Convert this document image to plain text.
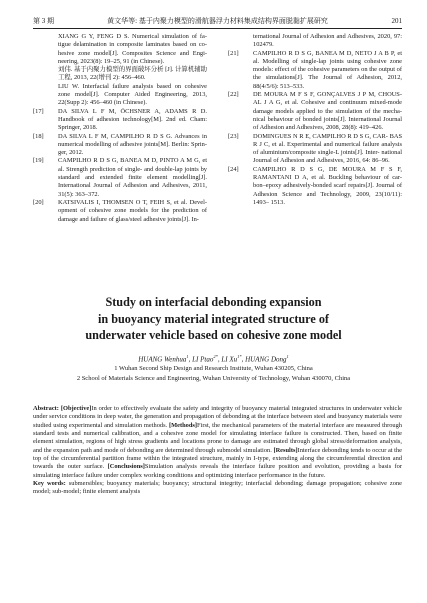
第 3 期	黄文华等: 基于内聚力模型的滑航器浮力材料集成结构界面脱黏扩展研究	201
XIANG G Y, FENG D S. Numerical simulation of fa- tigue delamination in composite laminates based on co- hesive zone model[J]. Composites Science and Engi- neering, 2023(8): 19–25, 91 (in Chinese).
刘伟. 基于内聚力模型的界面破坏分析 [J]. 计算机辅助 工程, 2013, 22(增刊 2): 456–460.
LIU W. Interfacial failure analysis based on cohesive zone model[J]. Computer Aided Engineering, 2013, 22(Supp 2): 456–460 (in Chinese).
[17] DA SILVA L F M, ÖCHSNER A, ADAMS R D. Handbook of adhesion technology[M]. 2nd ed. Cham: Springer, 2018.
[18] DA SILVA L F M, CAMPILHO R D S G. Advances in numerical modelling of adhesive joints[M]. Berlin: Sprin- ger, 2012.
[19] CAMPILHO R D S G, BANEA M D, PINTO A M G, et al. Strength prediction of single- and double-lap joints by standard and extended finite element modelling[J]. International Journal of Adhesion and Adhesives, 2011, 31(5): 363–372.
[20] KATSIVALIS I, THOMSEN O T, FEIH S, et al. Devel- opment of cohesive zone models for the prediction of damage and failure of glass/steel adhesive joints[J]. In-
ternational Journal of Adhesion and Adhesives, 2020, 97: 102479.
[21] CAMPILHO R D S G, BANEA M D, NETO J A B P, et al. Modelling of single-lap joints using cohesive zone models: effect of the cohesive parameters on the output of the simulations[J]. The Journal of Adhesion, 2012, 88(4/5/6): 513–533.
[22] DE MOURA M F S F, GONÇALVES J P M, CHOUS- AL J A G, et al. Cohesive and continuum mixed-mode damage models applied to the simulation of the mecha- nical behaviour of bonded joints[J]. International Journal of Adhesion and Adhesives, 2008, 28(8): 419–426.
[23] DOMINGUES N R E, CAMPILHO R D S G, CAR- BAS R J C, et al. Experimental and numerical failure analysis of aluminium/composite single-L joints[J]. Inter- national Journal of Adhesion and Adhesives, 2016, 64: 86–96.
[24] CAMPILHO R D S G, DE MOURA M F S F, RAMANTANI D A, et al. Buckling behaviour of car- bon–epoxy adhesively-bonded scarf repairs[J]. Journal of Adhesion Science and Technology, 2009, 23(10/11): 1493– 1513.
Study on interfacial debonding expansion
in buoyancy material integrated structure of
underwater vehicle based on cohesive zone model
HUANG Wenhua$^1$, LI Ptao$^{2*}$, LI $Xu^{1*}$, HUANG Dong$^1$
1 Wuhan Second Ship Design and Research Institute, Wuhan 430205, China
2 School of Materials Science and Engineering, Wuhan University of Technology, Wuhan 430070, China

Abstract: [Objective]In order to effectively evaluate the safety and integrity of buoyancy material integrated structures in underwater vehicle under service conditions in deep water, the generation and propagation of debonding at the interface between steel and buoyancy materials were studied using experimental and simulation methods. [Methods]First, the mechanical parameters of the material interface are measured through standard tests and numerical calibration, and a cohesive zone model for simulating interface failure is constructed. Then, based on finite element simulation, regions of high stress gradients and locations prone to damage are estimated through global stress/deformation analysis, and the expansion path and mode of debonding are determined through submodel simulation. [Results]Interface debonding tends to occur at the top of the circumferential partition frame within the integrated structure, mainly in I-type, extending along the circumferential direction and towards the outer surface. [Conclusions]Simulation analysis reveals the interface failure position and evolution, providing a basis for simulating interface failure under complex working conditions and optimizing interface performance in the future.

Key words: submersibles; buoyancy materials; buoyancy; structural integrity; interfacial debonding; damage propagation; cohesive zone model; sub-model; finite element analysis
